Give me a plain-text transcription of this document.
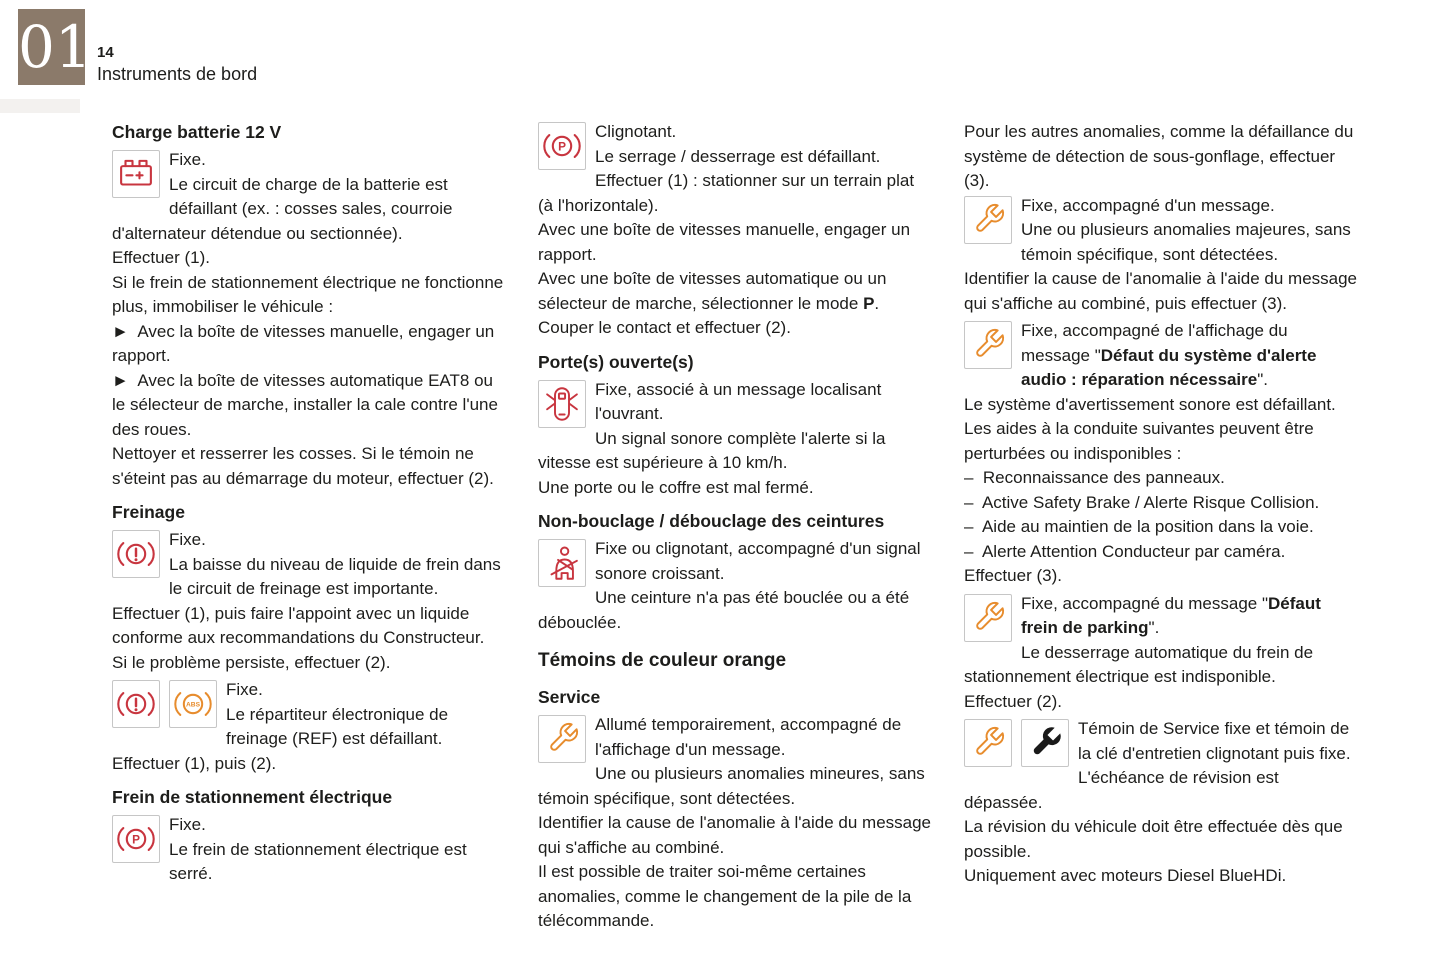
01 14
Instruments de bord
Charge batterie 12 V

Fixe.

Le circuit de charge de la batterie est défaillant (ex. : cosses sales, courroie d'alternateur détendue ou sectionnée).

Effectuer (1).

Si le frein de stationnement électrique ne fonctionne plus, immobiliser le véhicule :

►  Avec la boîte de vitesses manuelle, engager un rapport.

►  Avec la boîte de vitesses automatique EAT8 ou le sélecteur de marche, installer la cale contre l'une des roues.

Nettoyer et resserrer les cosses. Si le témoin ne s'éteint pas au démarrage du moteur, effectuer (2).

Freinage

Fixe.

La baisse du niveau de liquide de frein dans le circuit de freinage est importante.

Effectuer (1), puis faire l'appoint avec un liquide conforme aux recommandations du Constructeur.

Si le problème persiste, effectuer (2).

ABS

Fixe.

Le répartiteur électronique de freinage (REF) est défaillant.

Effectuer (1), puis (2).

Frein de stationnement électrique
P

Fixe.

Le frein de stationnement électrique est serré.

P

Clignotant.

Le serrage / desserrage est défaillant.

Effectuer (1) : stationner sur un terrain plat (à l'horizontale).

Avec une boîte de vitesses manuelle, engager un rapport.

Avec une boîte de vitesses automatique ou un sélecteur de marche, sélectionner le mode P.

Couper le contact et effectuer (2).

Porte(s) ouverte(s)

Fixe, associé à un message localisant l'ouvrant.

Un signal sonore complète l'alerte si la vitesse est supérieure à 10 km/h.

Une porte ou le coffre est mal fermé.

Non-bouclage / débouclage des ceintures

Fixe ou clignotant, accompagné d'un signal sonore croissant.

Une ceinture n'a pas été bouclée ou a été débouclée.

Témoins de couleur orange
Service

Allumé temporairement, accompagné de l'affichage d'un message.

Une ou plusieurs anomalies mineures, sans témoin spécifique, sont détectées.

Identifier la cause de l'anomalie à l'aide du message qui s'affiche au combiné.

Il est possible de traiter soi-même certaines anomalies, comme le changement de la pile de la télécommande.

Pour les autres anomalies, comme la défaillance du système de détection de sous-gonflage, effectuer (3).

Fixe, accompagné d'un message.

Une ou plusieurs anomalies majeures, sans témoin spécifique, sont détectées.

Identifier la cause de l'anomalie à l'aide du message qui s'affiche au combiné, puis effectuer (3).

Fixe, accompagné de l'affichage du message "Défaut du système d'alerte audio : réparation nécessaire".

Le système d'avertissement sonore est défaillant.

Les aides à la conduite suivantes peuvent être perturbées ou indisponibles :

–  Reconnaissance des panneaux.

–  Active Safety Brake / Alerte Risque Collision.

–  Aide au maintien de la position dans la voie.

–  Alerte Attention Conducteur par caméra.

Effectuer (3).

Fixe, accompagné du message "Défaut frein de parking".

Le desserrage automatique du frein de stationnement électrique est indisponible.

Effectuer (2).

Témoin de Service fixe et témoin de la clé d'entretien clignotant puis fixe.

L'échéance de révision est dépassée.

La révision du véhicule doit être effectuée dès que possible.

Uniquement avec moteurs Diesel BlueHDi.
